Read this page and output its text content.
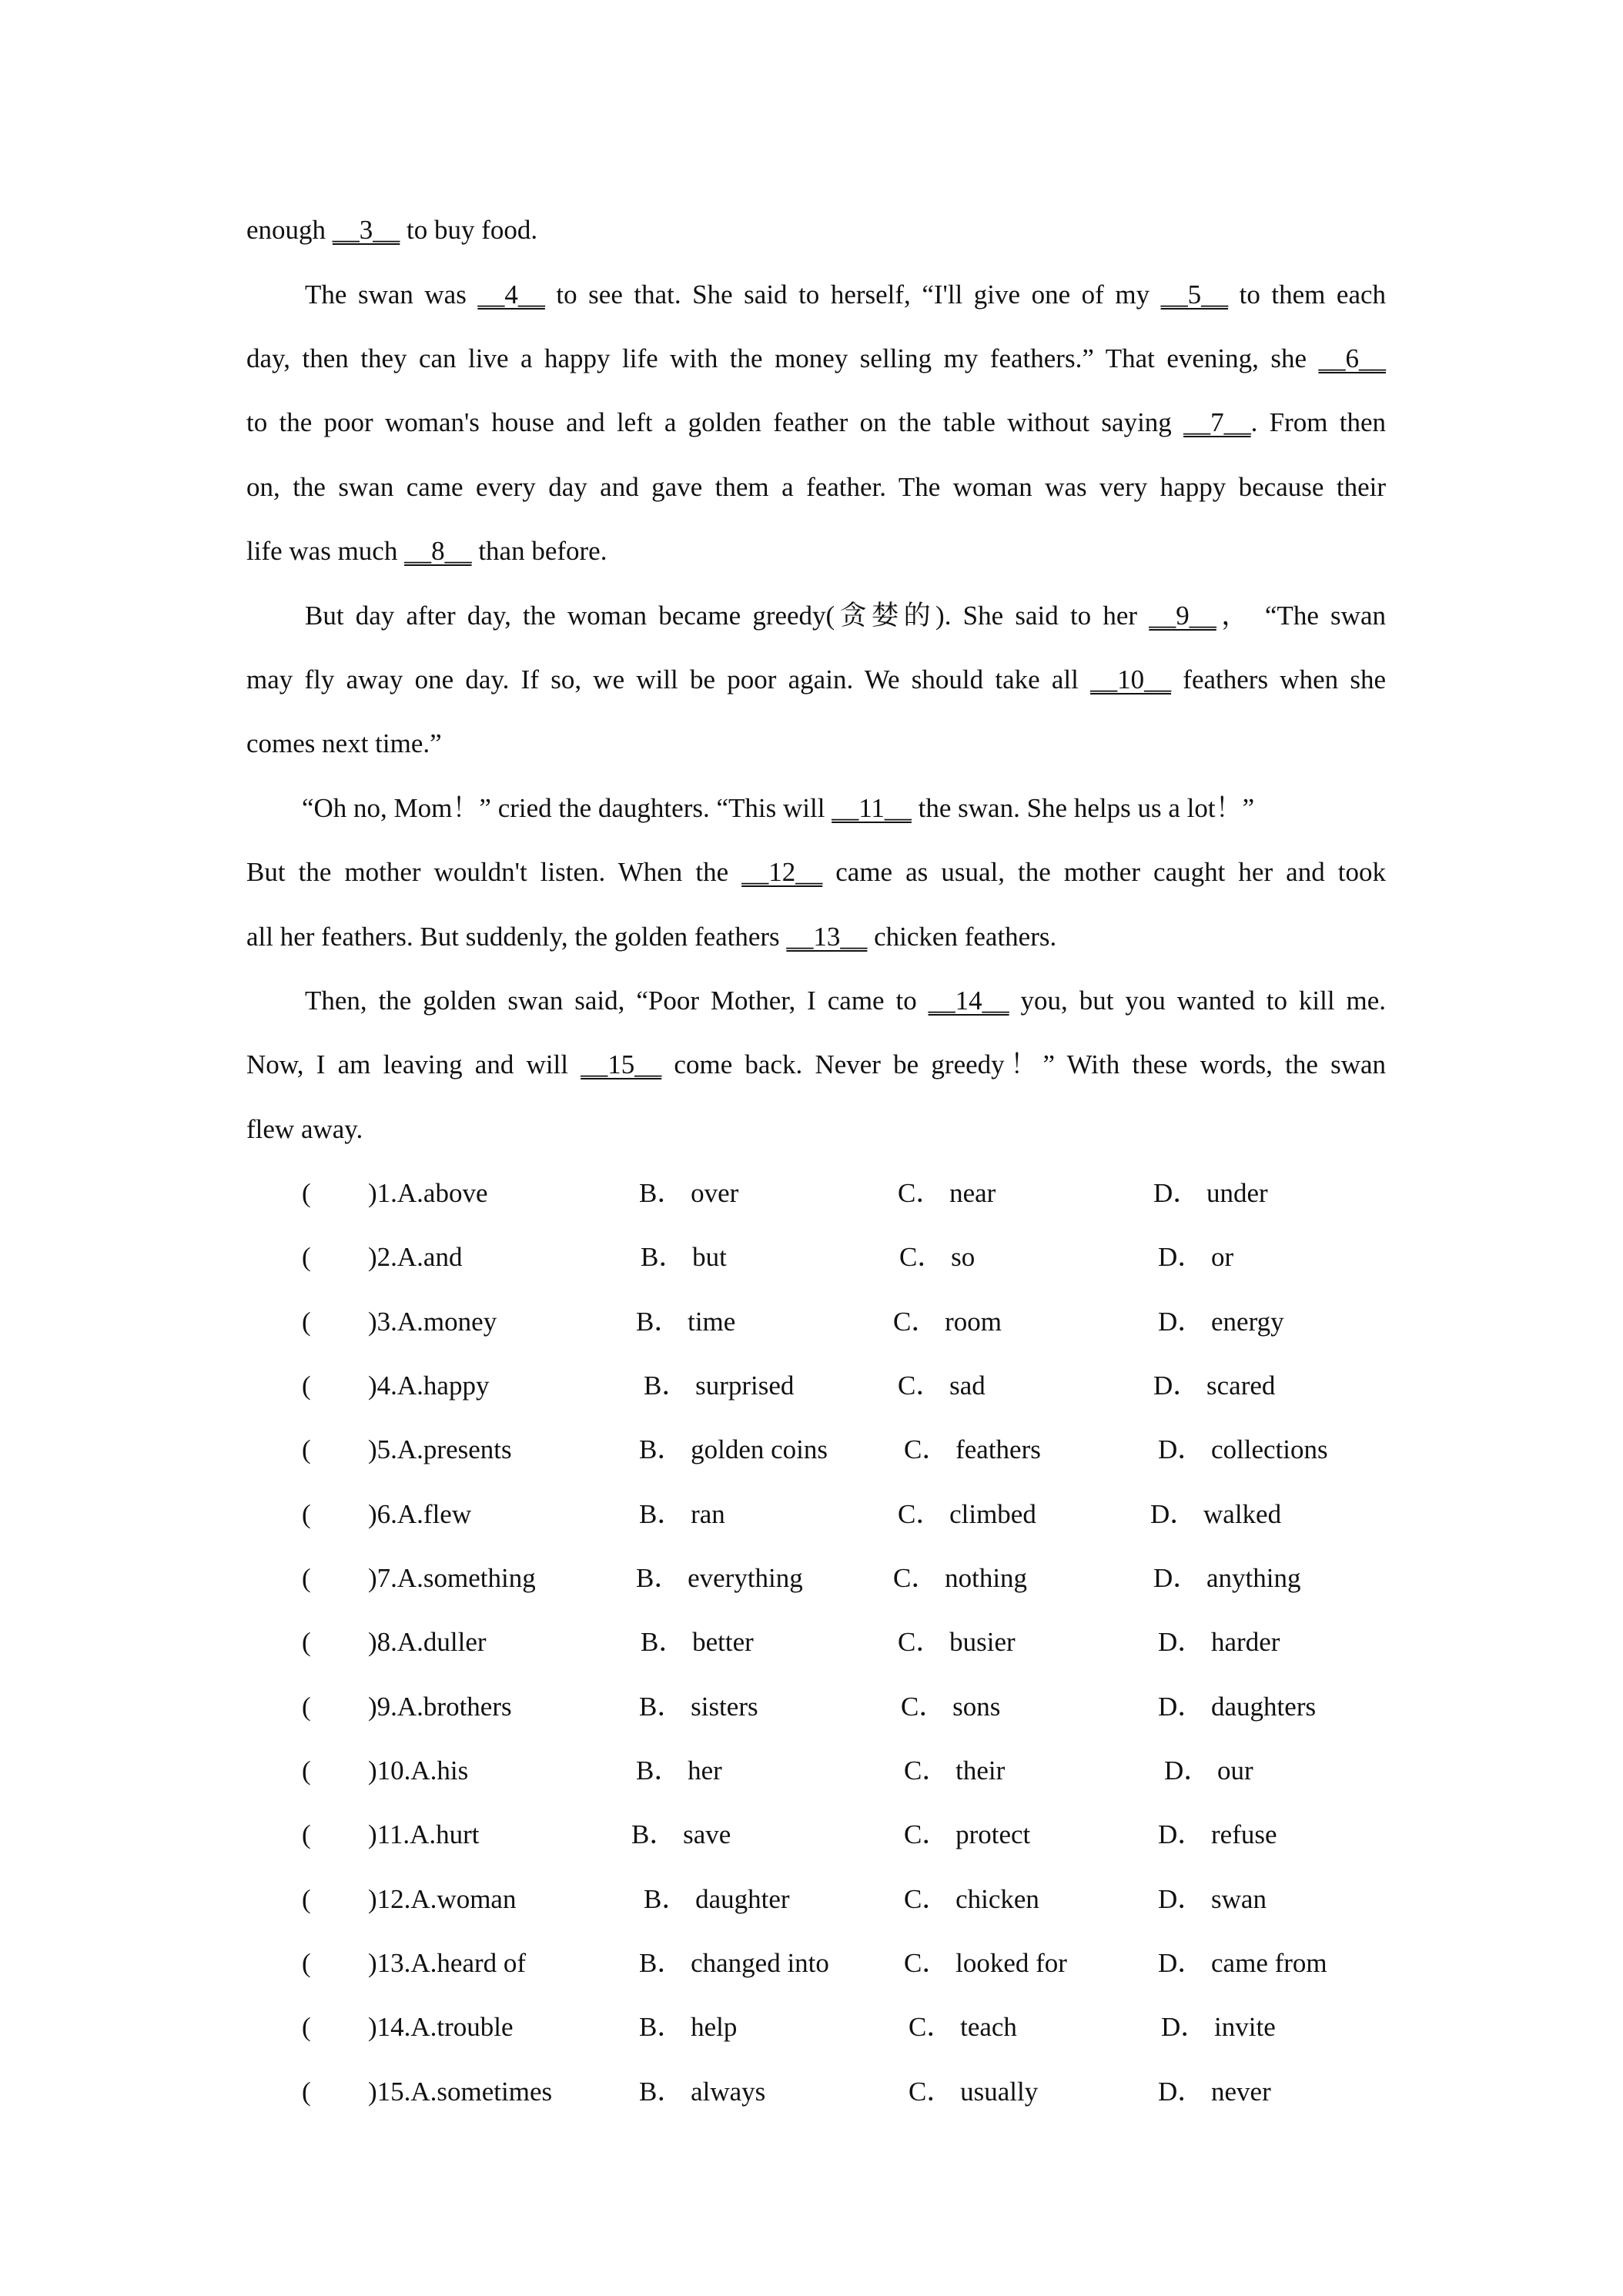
enough __3__ to buy food.
The swan was __4__ to see that. She said to herself, “I'll give one of my __5__ to them each
day, then they can live a happy life with the money selling my feathers.” That evening, she __6__
to the poor woman's house and left a golden feather on the table without saying __7__. From then
on, the swan came every day and gave them a feather. The woman was very happy because their
life was much __8__ than before.
But day after day, the woman became greedy(贪婪的). She said to her __9__， “The swan
may fly away one day. If so, we will be poor again. We should take all __10__ feathers when she
comes next time.”
“Oh no, Mom！” cried the daughters. “This will __11__ the swan. She helps us a lot！”
But the mother wouldn't listen. When the __12__ came as usual, the mother caught her and took
all her feathers. But suddenly, the golden feathers __13__ chicken feathers.
Then, the golden swan said, “Poor Mother, I came to __14__ you, but you wanted to kill me.
Now, I am leaving and will __15__ come back. Never be greedy！” With these words, the swan
flew away.
( )1.A.above	B． over	C． near	D． under
( )2.A.and	B． but	C． so	D． or
( )3.A.money	B． time	C． room	D． energy
( )4.A.happy	B． surprised	C． sad	D． scared
( )5.A.presents	B． golden coins	C． feathers	D． collections
( )6.A.flew	B． ran	C． climbed	D． walked
( )7.A.something	B． everything	C． nothing	D． anything
( )8.A.duller	B． better	C． busier	D． harder
( )9.A.brothers	B． sisters	C． sons	D． daughters
( )10.A.his	B． her	C． their	D． our
( )11.A.hurt	B． save	C． protect	D． refuse
( )12.A.woman	B． daughter	C． chicken	D． swan
( )13.A.heard of	B． changed into	C． looked for	D． came from
( )14.A.trouble	B． help	C． teach	D． invite
( )15.A.sometimes	B． always	C． usually	D． never
